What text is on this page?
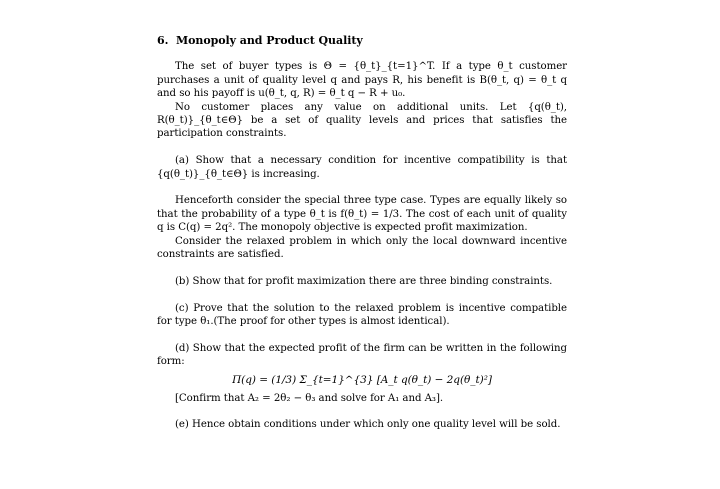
6. Monopoly and Product Quality

The set of buyer types is Θ = {θ_t}_{t=1}^T. If a type θ_t customer purchases a unit of quality level q and pays R, his benefit is B(θ_t, q) = θ_t q and so his payoff is u(θ_t, q, R) = θ_t q − R + u₀.

No customer places any value on additional units. Let {q(θ_t), R(θ_t)}_{θ_t∈Θ} be a set of quality levels and prices that satisfies the participation constraints.

(a) Show that a necessary condition for incentive compatibility is that {q(θ_t)}_{θ_t∈Θ} is increasing.

Henceforth consider the special three type case. Types are equally likely so that the probability of a type θ_t is f(θ_t) = 1/3. The cost of each unit of quality q is C(q) = 2q². The monopoly objective is expected profit maximization.

Consider the relaxed problem in which only the local downward incentive constraints are satisfied.

(b) Show that for profit maximization there are three binding constraints.

(c) Prove that the solution to the relaxed problem is incentive compatible for type θ₁.(The proof for other types is almost identical).

(d) Show that the expected profit of the firm can be written in the following form:

Π(q) = (1/3) Σ_{t=1}^{3} [A_t q(θ_t) − 2q(θ_t)²]

[Confirm that A₂ = 2θ₂ − θ₃ and solve for A₁ and A₃].

(e) Hence obtain conditions under which only one quality level will be sold.
